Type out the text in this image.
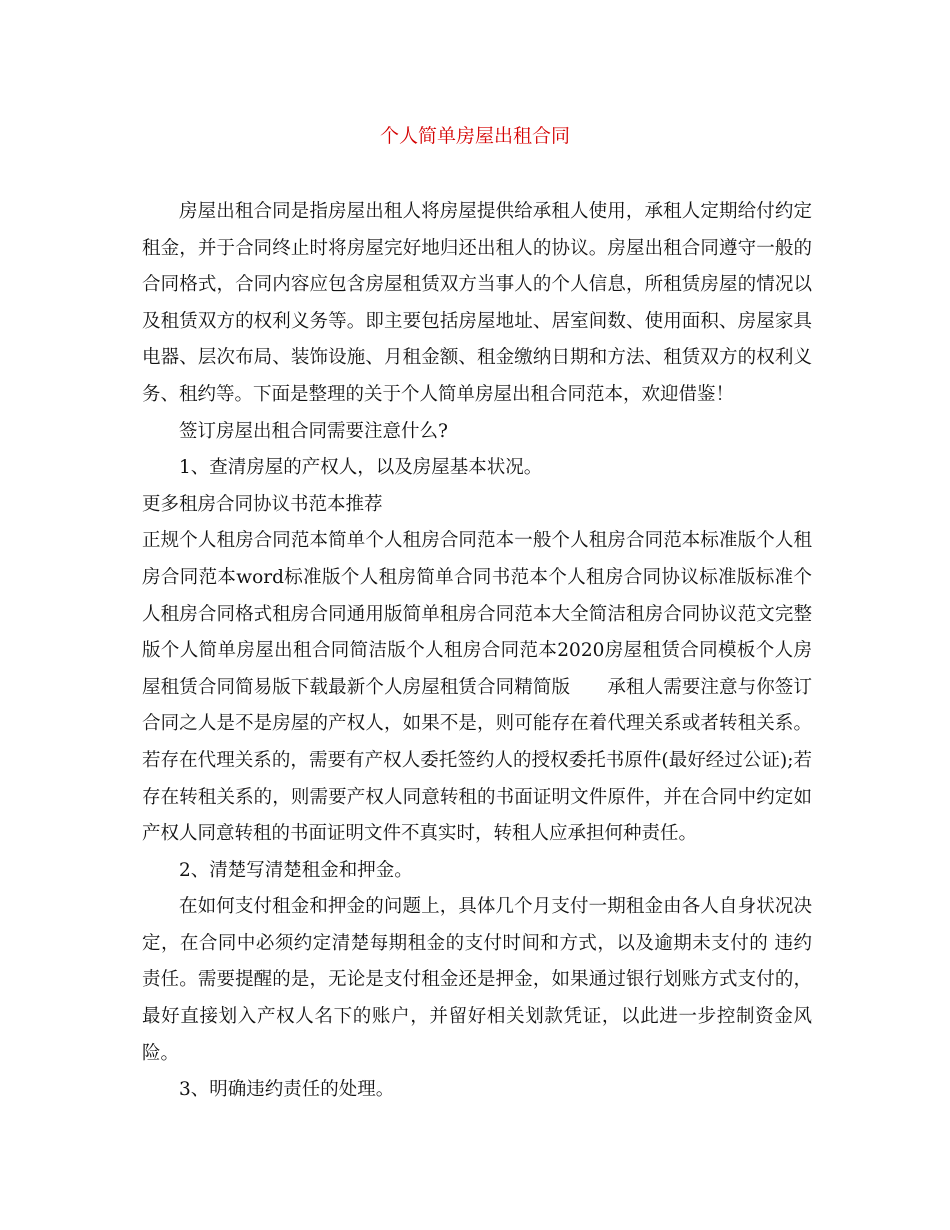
个人简单房屋出租合同

房屋出租合同是指房屋出租人将房屋提供给承租人使用，承租人定期给付约定租金，并于合同终止时将房屋完好地归还出租人的协议。房屋出租合同遵守一般的合同格式，合同内容应包含房屋租赁双方当事人的个人信息，所租赁房屋的情况以及租赁双方的权利义务等。即主要包括房屋地址、居室间数、使用面积、房屋家具电器、层次布局、装饰设施、月租金额、租金缴纳日期和方法、租赁双方的权利义务、租约等。下面是整理的关于个人简单房屋出租合同范本，欢迎借鉴！

签订房屋出租合同需要注意什么?

1、查清房屋的产权人，以及房屋基本状况。

更多租房合同协议书范本推荐

正规个人租房合同范本简单个人租房合同范本一般个人租房合同范本标准版个人租房合同范本word标准版个人租房简单合同书范本个人租房合同协议标准版标准个人租房合同格式租房合同通用版简单租房合同范本大全简洁租房合同协议范文完整版个人简单房屋出租合同简洁版个人租房合同范本2020房屋租赁合同模板个人房屋租赁合同简易版下载最新个人房屋租赁合同精简版　　承租人需要注意与你签订合同之人是不是房屋的产权人，如果不是，则可能存在着代理关系或者转租关系。若存在代理关系的，需要有产权人委托签约人的授权委托书原件(最好经过公证);若存在转租关系的，则需要产权人同意转租的书面证明文件原件，并在合同中约定如产权人同意转租的书面证明文件不真实时，转租人应承担何种责任。

2、清楚写清楚租金和押金。

在如何支付租金和押金的问题上，具体几个月支付一期租金由各人自身状况决定，在合同中必须约定清楚每期租金的支付时间和方式，以及逾期未支付的 违约责任。需要提醒的是，无论是支付租金还是押金，如果通过银行划账方式支付的，最好直接划入产权人名下的账户，并留好相关划款凭证，以此进一步控制资金风险。

3、明确违约责任的处理。
